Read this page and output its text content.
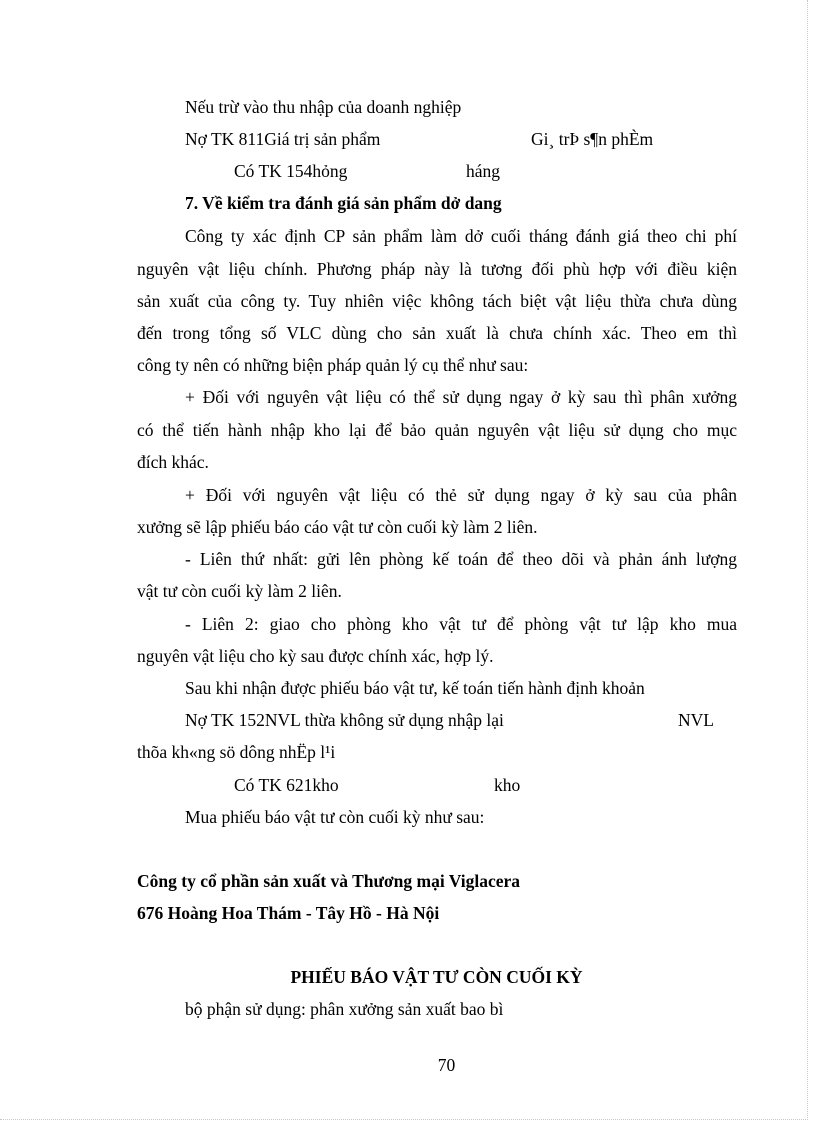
Nếu trừ vào thu nhập của doanh nghiệp
Nợ TK 811Giá trị sản phẩm	Gi¸ trÞ s¶n phÈm
Có TK 154hỏng	háng
7. Về kiểm tra đánh giá sản phẩm dở dang
Công ty xác định CP sản phẩm làm dở cuối tháng đánh giá theo chi phí
nguyên vật liệu chính. Phương pháp này là tương đối phù hợp với điều kiện
sản xuất của công ty. Tuy nhiên việc không tách biệt vật liệu thừa chưa dùng
đến trong tổng số VLC dùng cho sản xuất là chưa chính xác. Theo em thì
công ty nên có những biện pháp quản lý cụ thể như sau:
+ Đối với nguyên vật liệu có thể sử dụng ngay ở kỳ sau thì phân xưởng
có thể tiến hành nhập kho lại để bảo quản nguyên vật liệu sử dụng cho mục
đích khác.
+ Đối với nguyên vật liệu có thẻ sử dụng ngay ở kỳ sau của phân
xưởng sẽ lập phiếu báo cáo vật tư còn cuối kỳ làm 2 liên.
- Liên thứ nhất: gửi lên phòng kế toán để theo dõi và phản ánh lượng
vật tư còn cuối kỳ làm 2 liên.
- Liên 2: giao cho phòng kho vật tư để phòng vật tư lập kho mua
nguyên vật liệu cho kỳ sau được chính xác, hợp lý.
Sau khi nhận được phiếu báo vật tư, kế toán tiến hành định khoản
Nợ TK 152NVL thừa không sử dụng nhập lại	NVL
thõa kh«ng sö dông nhËp l¹i
Có TK 621kho	kho
Mua phiếu báo vật tư còn cuối kỳ như sau:
Công ty cổ phần sản xuất và Thương mại Viglacera
676 Hoàng Hoa Thám - Tây Hồ - Hà Nội
PHIẾU BÁO VẬT TƯ CÒN CUỐI KỲ
bộ phận sử dụng: phân xưởng sản xuất bao bì
70
